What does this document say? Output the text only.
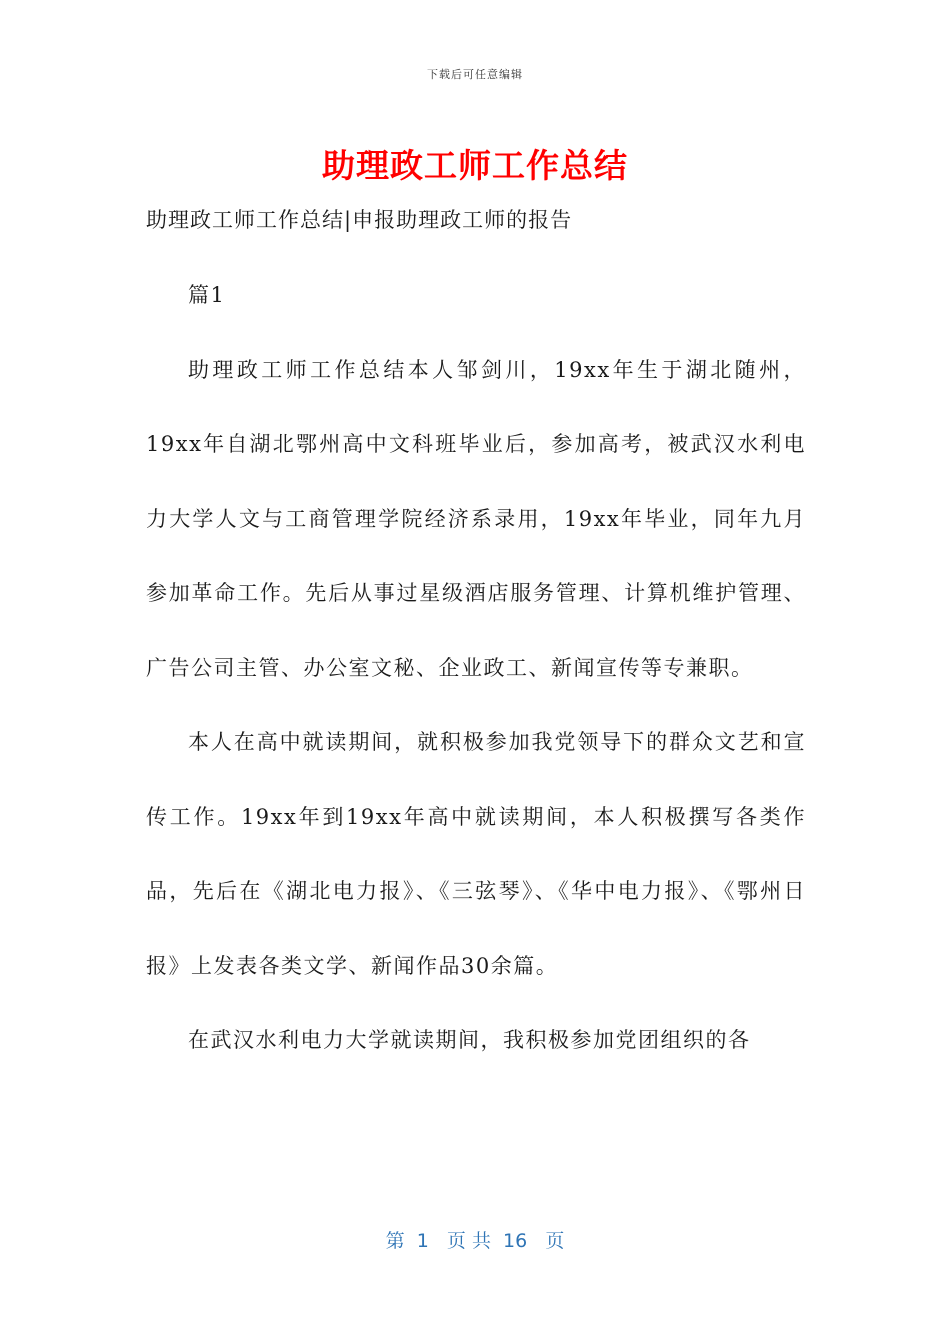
下载后可任意编辑
助理政工师工作总结

助理政工师工作总结|申报助理政工师的报告

篇1

助理政工师工作总结本人邹剑川，19xx年生于湖北随州，19xx年自湖北鄂州高中文科班毕业后，参加高考，被武汉水利电力大学人文与工商管理学院经济系录用，19xx年毕业，同年九月参加革命工作。先后从事过星级酒店服务管理、计算机维护管理、广告公司主管、办公室文秘、企业政工、新闻宣传等专兼职。

本人在高中就读期间，就积极参加我党领导下的群众文艺和宣传工作。19xx年到19xx年高中就读期间，本人积极撰写各类作品，先后在《湖北电力报》、《三弦琴》、《华中电力报》、《鄂州日报》上发表各类文学、新闻作品30余篇。

在武汉水利电力大学就读期间，我积极参加党团组织的各

第  1   页 共  16   页
